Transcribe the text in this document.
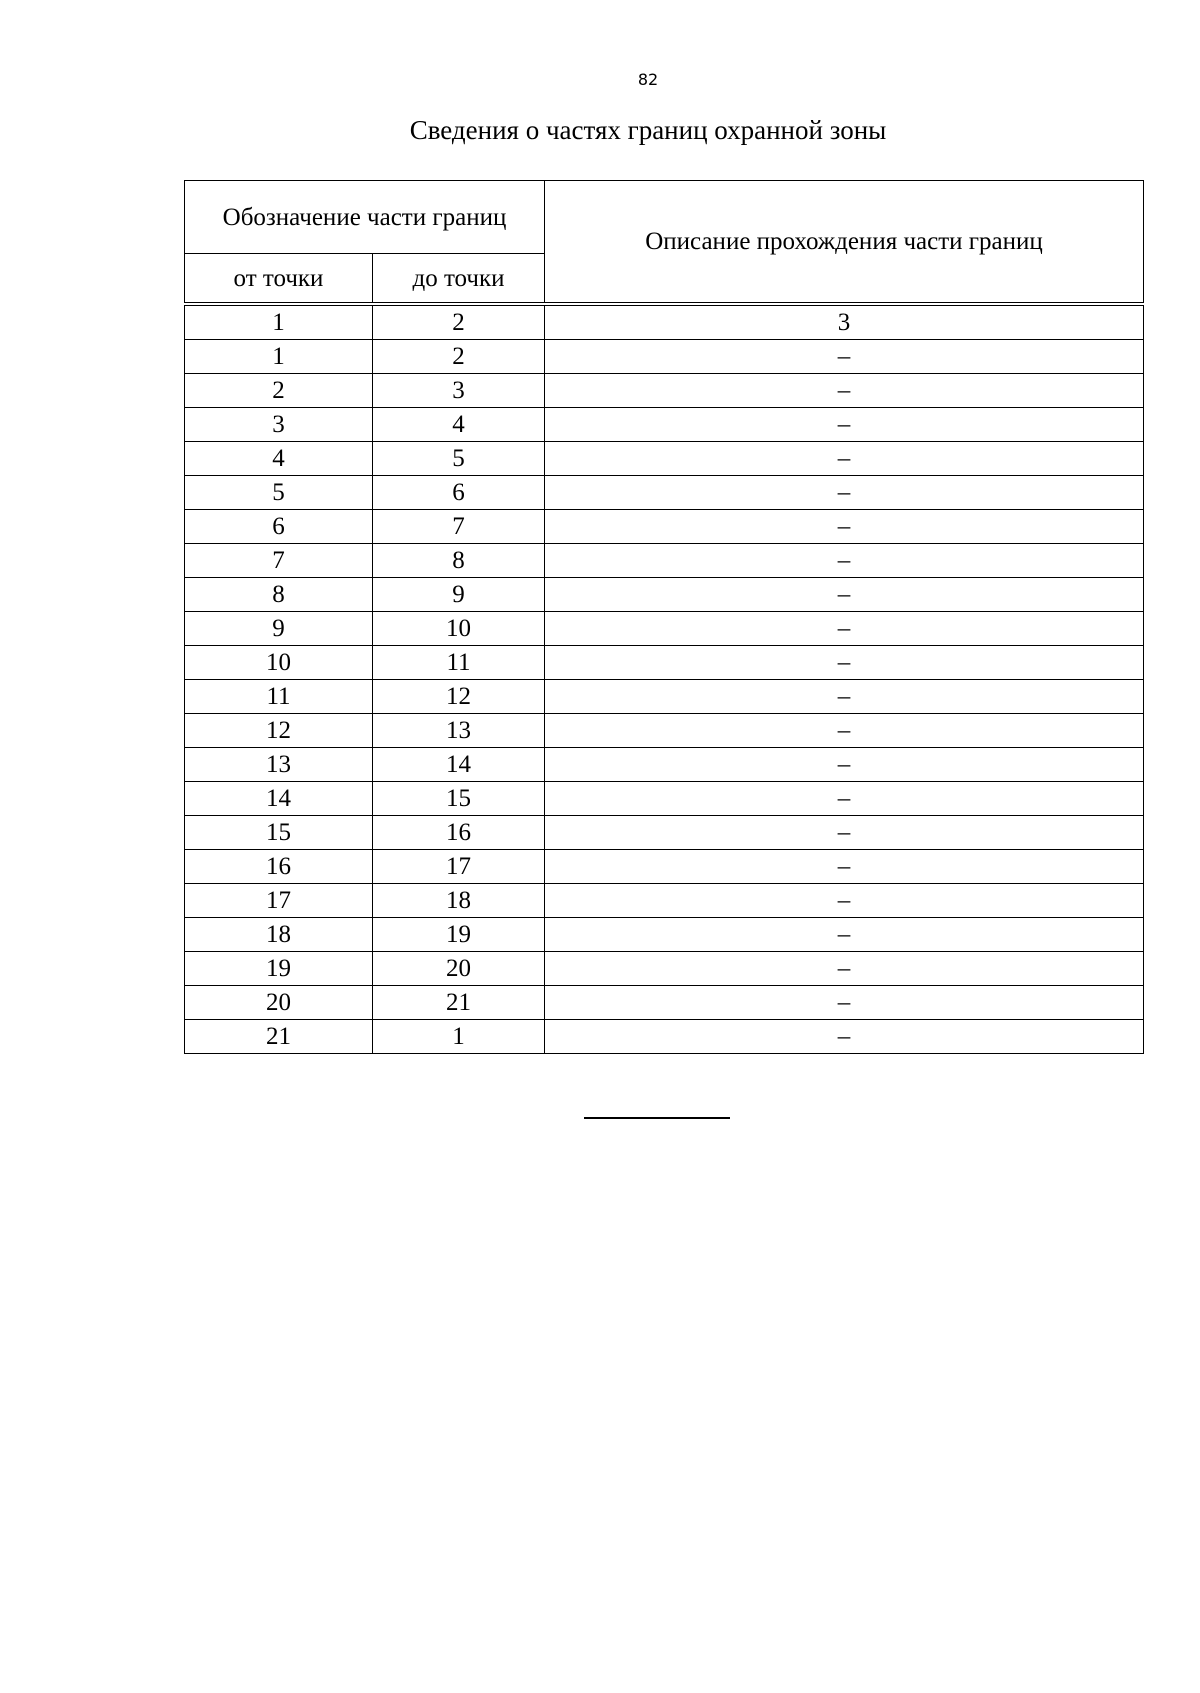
82
Сведения о частях границ охранной зоны
Обозначение части границ		Описание прохождения части границ
от точки	до точки	
1	2	3
1	2	–
2	3	–
3	4	–
4	5	–
5	6	–
6	7	–
7	8	–
8	9	–
9	10	–
10	11	–
11	12	–
12	13	–
13	14	–
14	15	–
15	16	–
16	17	–
17	18	–
18	19	–
19	20	–
20	21	–
21	1	–
